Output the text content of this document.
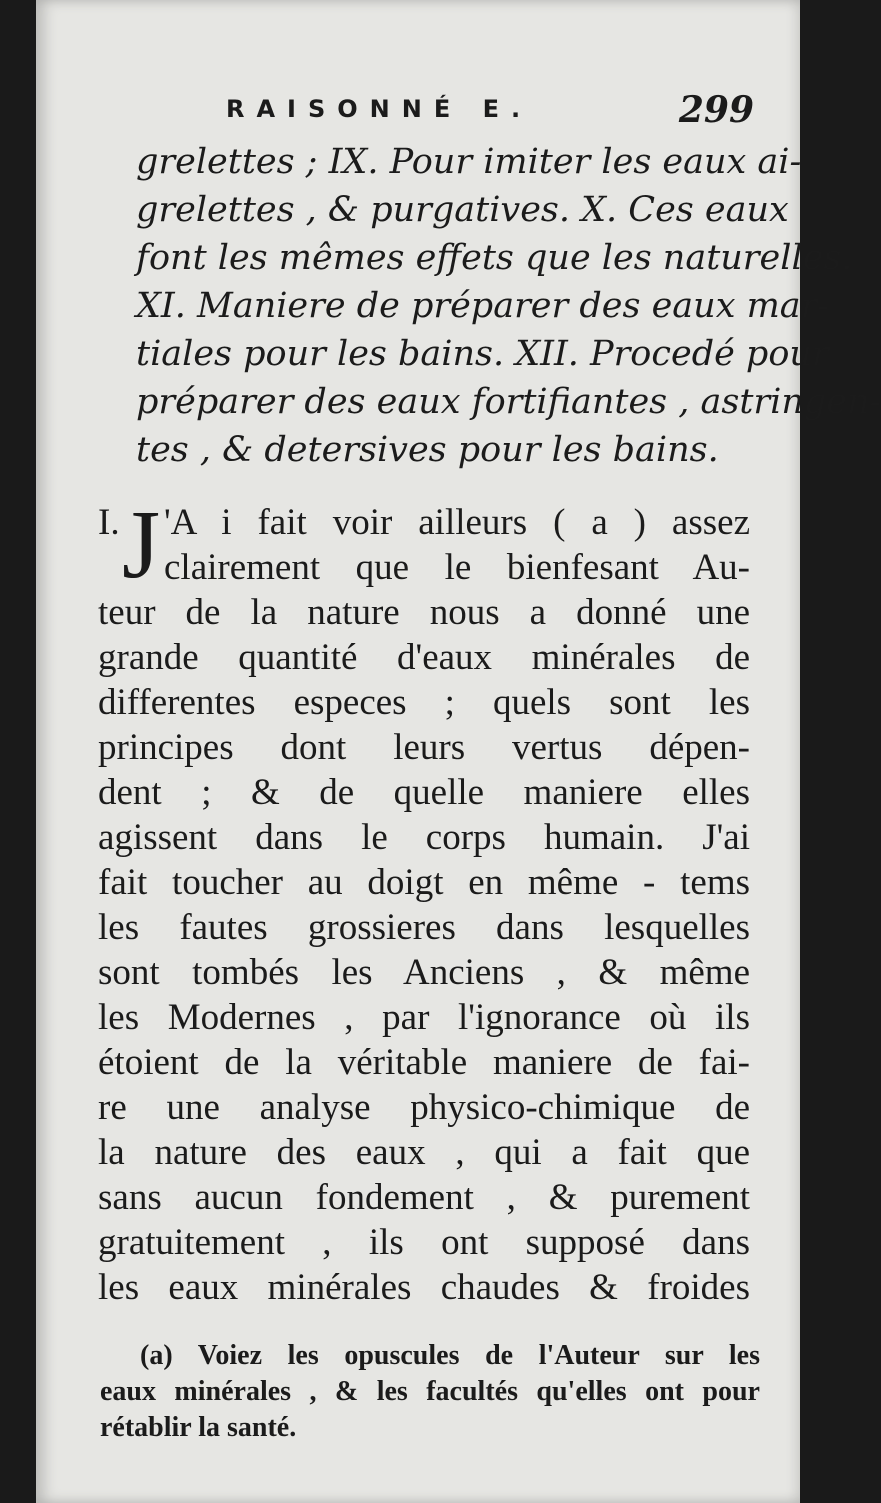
RAISONNÉ E.	299
grelettes ; IX. Pour imiter les eaux ai-
grelettes , & purgatives. X. Ces eaux
font les mêmes effets que les naturelles.
XI. Maniere de préparer des eaux mar-
tiales pour les bains. XII. Procedé pour
préparer des eaux fortifiantes , astringen-
tes , & detersives pour les bains.
I. J 'A i fait voir ailleurs ( a ) assez
clairement que le bienfesant Au-
teur de la nature nous a donné une
grande quantité d'eaux minérales de
differentes especes ; quels sont les
principes dont leurs vertus dépen-
dent ; & de quelle maniere elles
agissent dans le corps humain. J'ai
fait toucher au doigt en même - tems
les fautes grossieres dans lesquelles
sont tombés les Anciens , & même
les Modernes , par l'ignorance où ils
étoient de la véritable maniere de fai-
re une analyse physico-chimique de
la nature des eaux , qui a fait que
sans aucun fondement , & purement
gratuitement , ils ont supposé dans
les eaux minérales chaudes & froides
(a) Voiez les opuscules de l'Auteur sur les
eaux minérales , & les facultés qu'elles ont pour
rétablir la santé.
